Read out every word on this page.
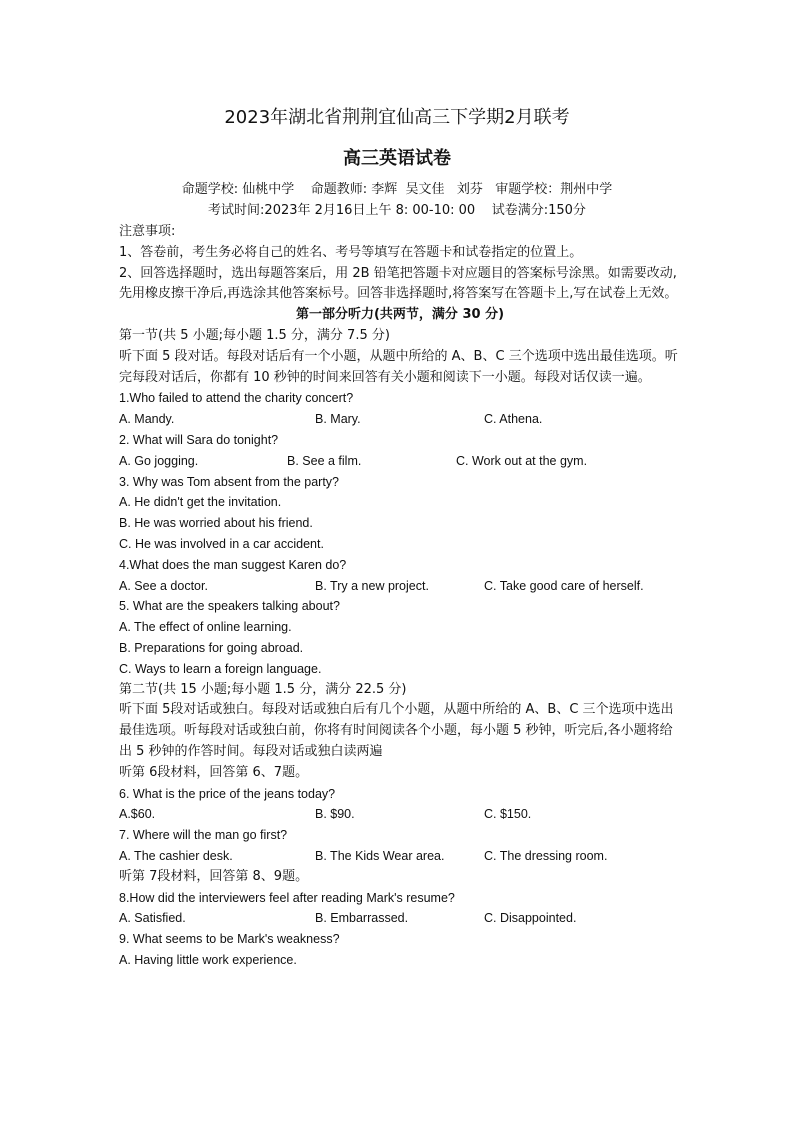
2023年湖北省荆荆宜仙高三下学期2月联考
高三英语试卷
命题学校: 仙桃中学    命题教师: 李辉  吴文佳   刘芬   审题学校：荆州中学
考试时间:2023年 2月16日上午 8: 00-10: 00    试卷满分:150分
注意事项:
1、答卷前，考生务必将自己的姓名、考号等填写在答题卡和试卷指定的位置上。
2、回答选择题时，选出每题答案后，用 2B 铅笔把答题卡对应题目的答案标号涂黑。如需要改动,先用橡皮擦干净后,再选涂其他答案标号。回答非选择题时,将答案写在答题卡上,写在试卷上无效。
第一部分听力(共两节，满分 30 分)
第一节(共 5 小题;每小题 1.5 分，满分 7.5 分)
听下面 5 段对话。每段对话后有一个小题，从题中所给的 A、B、C 三个选项中选出最佳选项。听完每段对话后，你都有 10 秒钟的时间来回答有关小题和阅读下一小题。每段对话仅读一遍。
1.Who failed to attend the charity concert?
A. Mandy.	B. Mary.	C. Athena.
2. What will Sara do tonight?
A. Go jogging.	B. See a film.	C. Work out at the gym.
3. Why was Tom absent from the party?
A. He didn't get the invitation.
B. He was worried about his friend.
C. He was involved in a car accident.
4.What does the man suggest Karen do?
A. See a doctor.	B. Try a new project.	C. Take good care of herself.
5. What are the speakers talking about?
A. The effect of online learning.
B. Preparations for going abroad.
C. Ways to learn a foreign language.
第二节(共 15 小题;每小题 1.5 分，满分 22.5 分)
听下面 5段对话或独白。每段对话或独白后有几个小题，从题中所给的 A、B、C 三个选项中选出最佳选项。听每段对话或独白前，你将有时间阅读各个小题，每小题 5 秒钟，听完后,各小题将给出 5 秒钟的作答时间。每段对话或独白读两遍
听第 6段材料，回答第 6、7题。
6. What is the price of the jeans today?
A.$60.	B. $90.	C. $150.
7. Where will the man go first?
A. The cashier desk.	B. The Kids Wear area.	C. The dressing room.
听第 7段材料，回答第 8、9题。
8.How did the interviewers feel after reading Mark's resume?
A. Satisfied.	B. Embarrassed.	C. Disappointed.
9. What seems to be Mark's weakness?
A. Having little work experience.
